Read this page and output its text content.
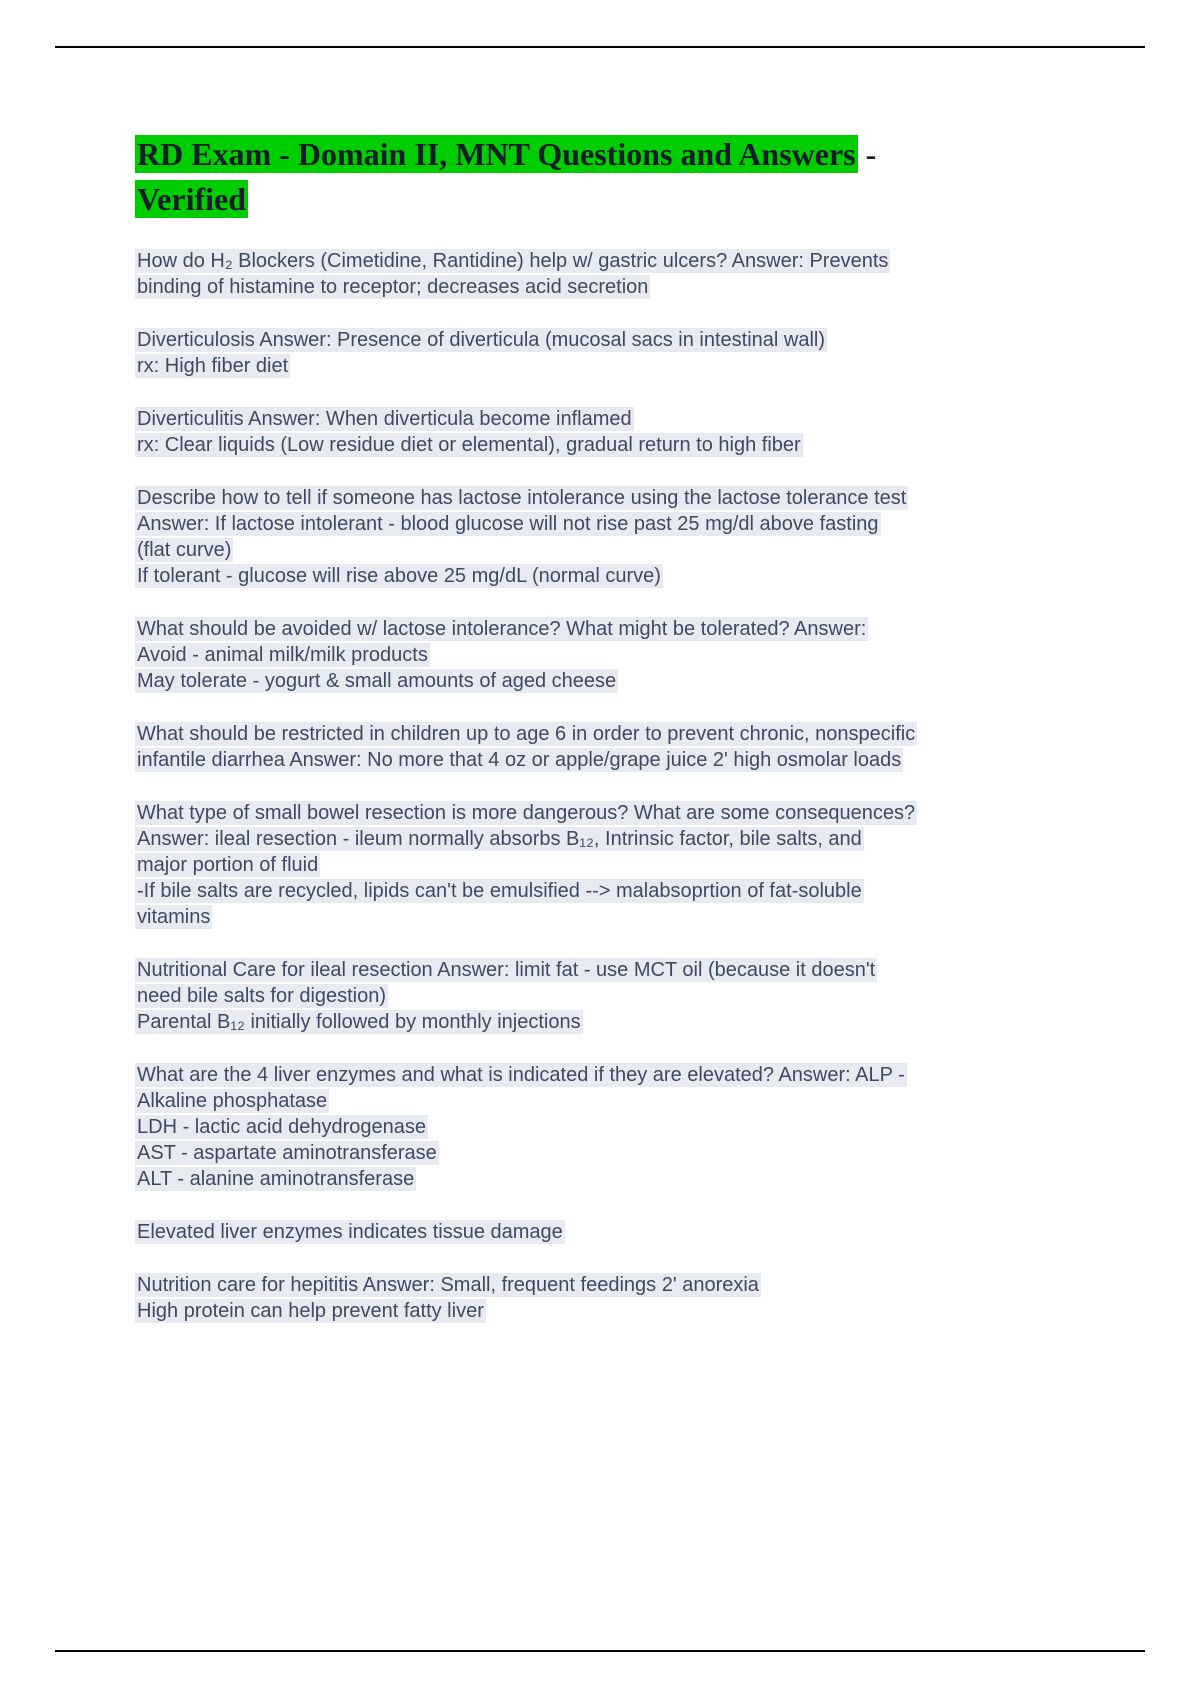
RD Exam - Domain II, MNT Questions and Answers -
Verified
How do H₂ Blockers (Cimetidine, Rantidine) help w/ gastric ulcers? Answer: Prevents
binding of histamine to receptor; decreases acid secretion
Diverticulosis Answer: Presence of diverticula (mucosal sacs in intestinal wall)
rx: High fiber diet
Diverticulitis Answer: When diverticula become inflamed
rx: Clear liquids (Low residue diet or elemental), gradual return to high fiber
Describe how to tell if someone has lactose intolerance using the lactose tolerance test
Answer: If lactose intolerant - blood glucose will not rise past 25 mg/dl above fasting
(flat curve)
If tolerant - glucose will rise above 25 mg/dL (normal curve)
What should be avoided w/ lactose intolerance? What might be tolerated? Answer:
Avoid - animal milk/milk products
May tolerate - yogurt & small amounts of aged cheese
What should be restricted in children up to age 6 in order to prevent chronic, nonspecific
infantile diarrhea Answer: No more that 4 oz or apple/grape juice 2' high osmolar loads
What type of small bowel resection is more dangerous? What are some consequences?
Answer: ileal resection - ileum normally absorbs B₁₂, Intrinsic factor, bile salts, and
major portion of fluid
-If bile salts are recycled, lipids can't be emulsified --> malabsoprtion of fat-soluble
vitamins
Nutritional Care for ileal resection Answer: limit fat - use MCT oil (because it doesn't
need bile salts for digestion)
Parental B₁₂ initially followed by monthly injections
What are the 4 liver enzymes and what is indicated if they are elevated? Answer: ALP -
Alkaline phosphatase
LDH - lactic acid dehydrogenase
AST - aspartate aminotransferase
ALT - alanine aminotransferase
Elevated liver enzymes indicates tissue damage
Nutrition care for hepititis Answer: Small, frequent feedings 2' anorexia
High protein can help prevent fatty liver
